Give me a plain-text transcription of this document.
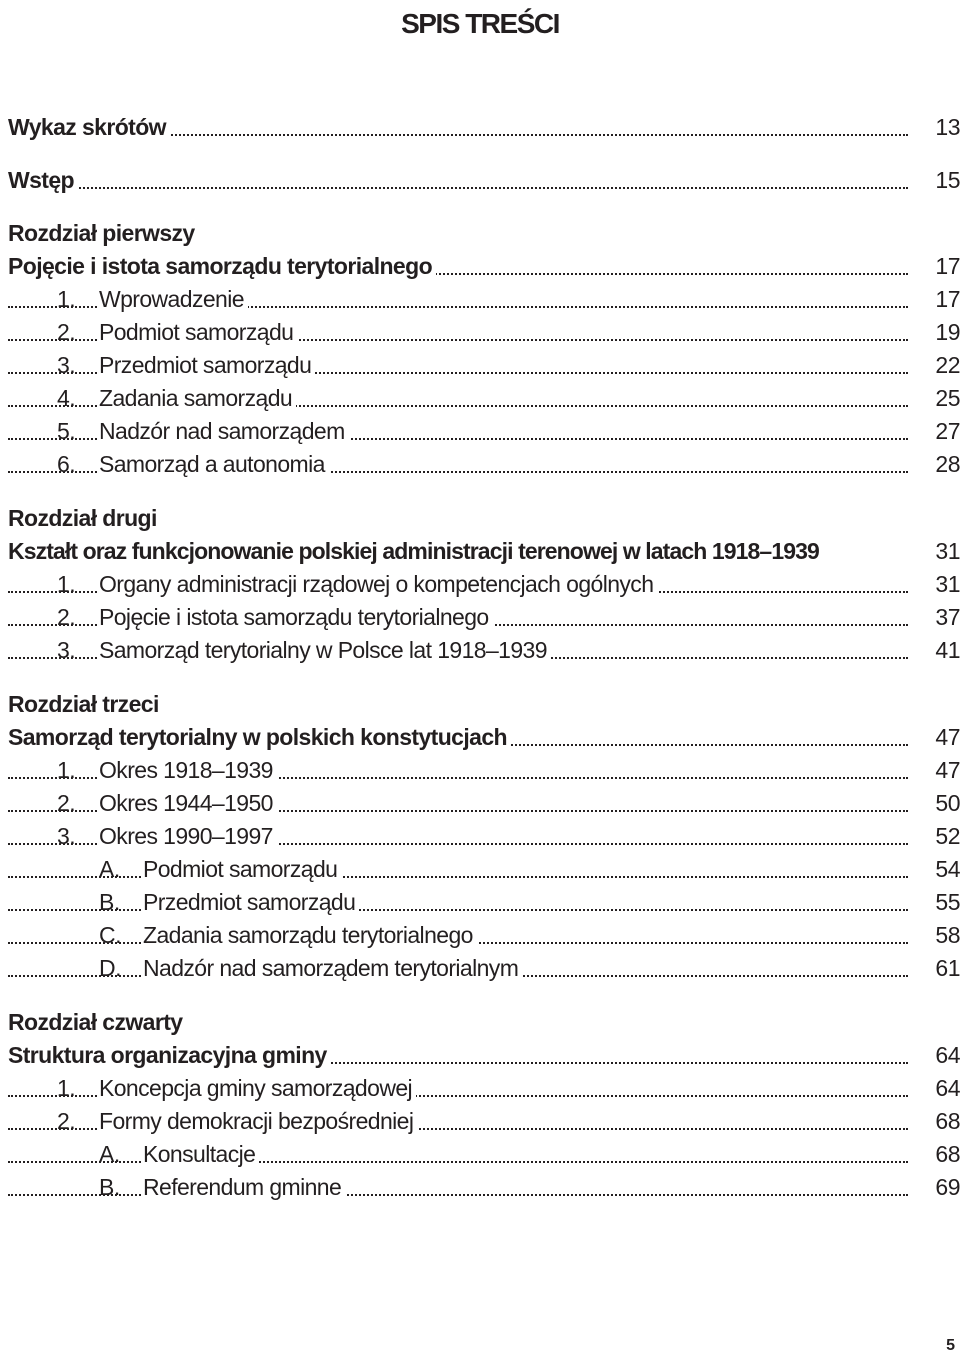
SPIS TREŚCI
Wykaz skrótów	13
Wstęp	15
Rozdział pierwszy
Pojęcie i istota samorządu terytorialnego	17
1. Wprowadzenie	17
2. Podmiot samorządu	19
3. Przedmiot samorządu	22
4. Zadania samorządu	25
5. Nadzór nad samorządem	27
6. Samorząd a autonomia	28
Rozdział drugi
Kształt oraz funkcjonowanie polskiej administracji terenowej w latach 1918–1939	31
1. Organy administracji rządowej o kompetencjach ogólnych	31
2. Pojęcie i istota samorządu terytorialnego	37
3. Samorząd terytorialny w Polsce lat 1918–1939	41
Rozdział trzeci
Samorząd terytorialny w polskich konstytucjach	47
1. Okres 1918–1939	47
2. Okres 1944–1950	50
3. Okres 1990–1997	52
A. Podmiot samorządu	54
B. Przedmiot samorządu	55
C. Zadania samorządu terytorialnego	58
D. Nadzór nad samorządem terytorialnym	61
Rozdział czwarty
Struktura organizacyjna gminy	64
1. Koncepcja gminy samorządowej	64
2. Formy demokracji bezpośredniej	68
A. Konsultacje	68
B. Referendum gminne	69
5
